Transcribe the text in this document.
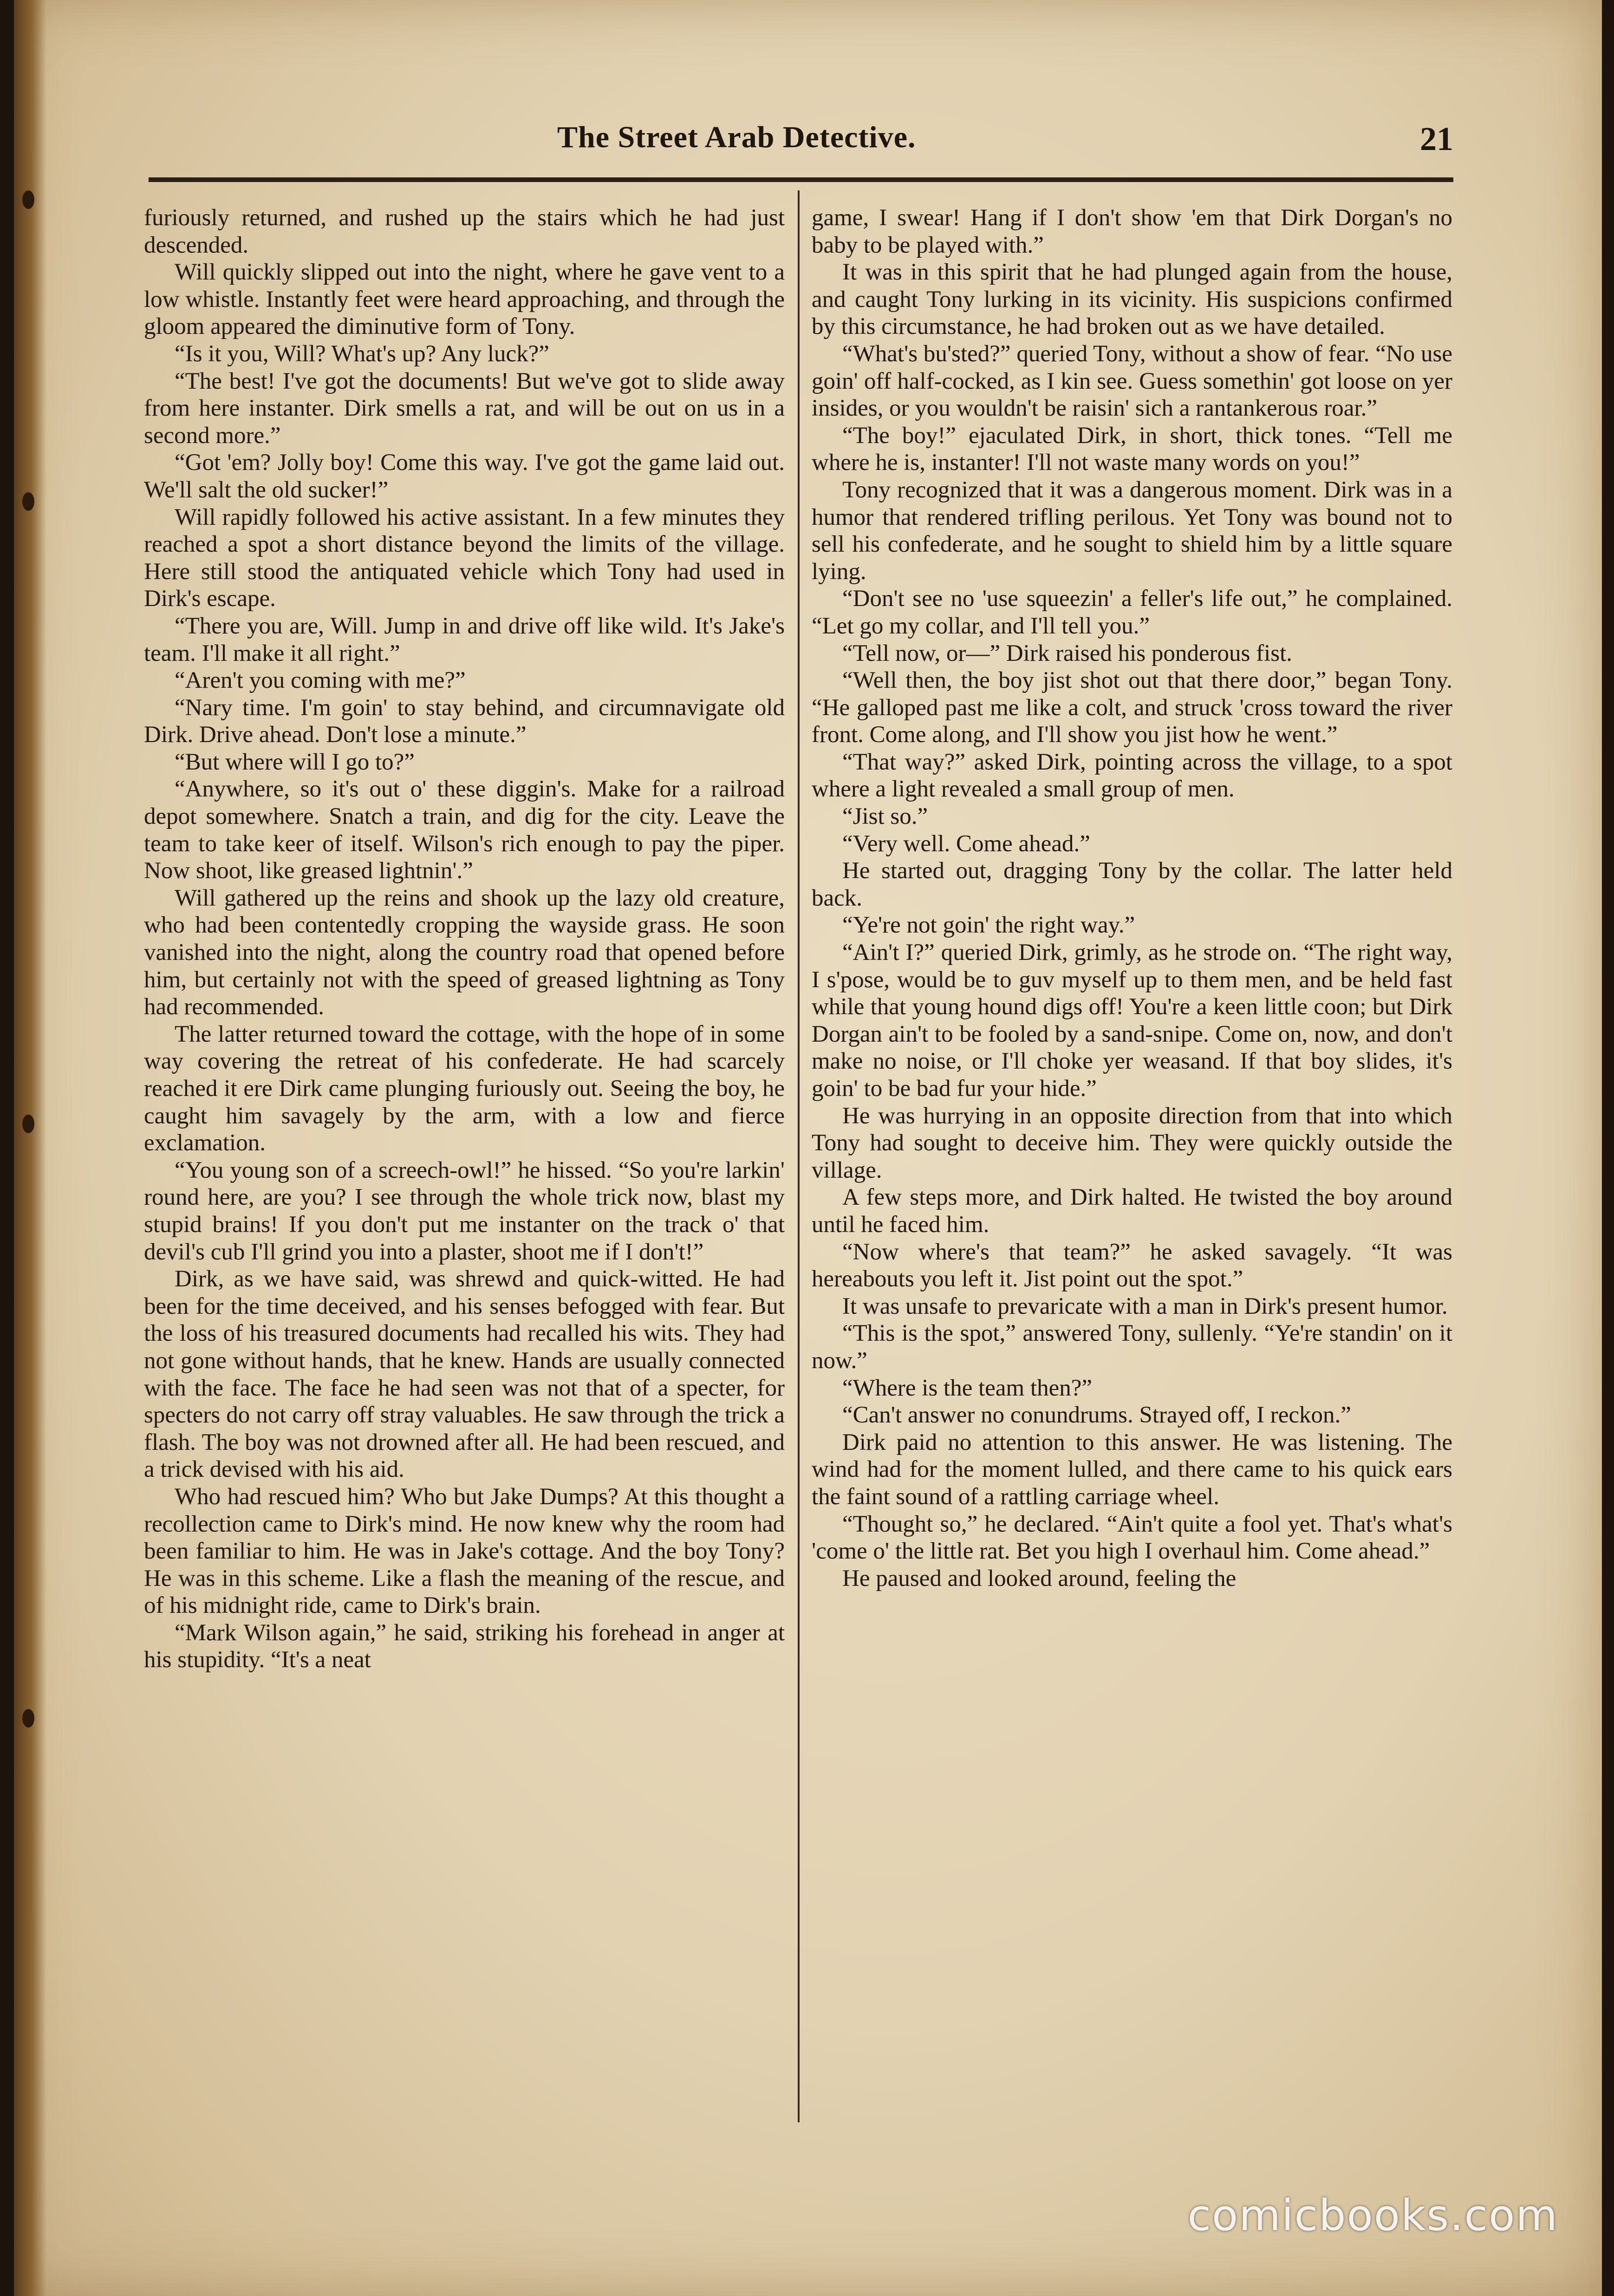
The Street Arab Detective.	21

furiously returned, and rushed up the stairs which he had just descended.

Will quickly slipped out into the night, where he gave vent to a low whistle. Instantly feet were heard approaching, and through the gloom appeared the diminutive form of Tony.

“Is it you, Will? What's up? Any luck?”

“The best! I've got the documents! But we've got to slide away from here instanter. Dirk smells a rat, and will be out on us in a second more.”

“Got 'em? Jolly boy! Come this way. I've got the game laid out. We'll salt the old sucker!”

Will rapidly followed his active assistant. In a few minutes they reached a spot a short distance beyond the limits of the village. Here still stood the antiquated vehicle which Tony had used in Dirk's escape.

“There you are, Will. Jump in and drive off like wild. It's Jake's team. I'll make it all right.”

“Aren't you coming with me?”

“Nary time. I'm goin' to stay behind, and circumnavigate old Dirk. Drive ahead. Don't lose a minute.”

“But where will I go to?”

“Anywhere, so it's out o' these diggin's. Make for a railroad depot somewhere. Snatch a train, and dig for the city. Leave the team to take keer of itself. Wilson's rich enough to pay the piper. Now shoot, like greased lightnin'.”

Will gathered up the reins and shook up the lazy old creature, who had been contentedly cropping the wayside grass. He soon vanished into the night, along the country road that opened before him, but certainly not with the speed of greased lightning as Tony had recommended.

The latter returned toward the cottage, with the hope of in some way covering the retreat of his confederate. He had scarcely reached it ere Dirk came plunging furiously out. Seeing the boy, he caught him savagely by the arm, with a low and fierce exclamation.

“You young son of a screech-owl!” he hissed. “So you're larkin' round here, are you? I see through the whole trick now, blast my stupid brains! If you don't put me instanter on the track o' that devil's cub I'll grind you into a plaster, shoot me if I don't!”

Dirk, as we have said, was shrewd and quick-witted. He had been for the time deceived, and his senses befogged with fear. But the loss of his treasured documents had recalled his wits. They had not gone without hands, that he knew. Hands are usually connected with the face. The face he had seen was not that of a specter, for specters do not carry off stray valuables. He saw through the trick a flash. The boy was not drowned after all. He had been rescued, and a trick devised with his aid.

Who had rescued him? Who but Jake Dumps? At this thought a recollection came to Dirk's mind. He now knew why the room had been familiar to him. He was in Jake's cottage. And the boy Tony? He was in this scheme. Like a flash the meaning of the rescue, and of his midnight ride, came to Dirk's brain.

“Mark Wilson again,” he said, striking his forehead in anger at his stupidity. “It's a neat

game, I swear! Hang if I don't show 'em that Dirk Dorgan's no baby to be played with.”

It was in this spirit that he had plunged again from the house, and caught Tony lurking in its vicinity. His suspicions confirmed by this circumstance, he had broken out as we have detailed.

“What's bu'sted?” queried Tony, without a show of fear. “No use goin' off half-cocked, as I kin see. Guess somethin' got loose on yer insides, or you wouldn't be raisin' sich a rantankerous roar.”

“The boy!” ejaculated Dirk, in short, thick tones. “Tell me where he is, instanter! I'll not waste many words on you!”

Tony recognized that it was a dangerous moment. Dirk was in a humor that rendered trifling perilous. Yet Tony was bound not to sell his confederate, and he sought to shield him by a little square lying.

“Don't see no 'use squeezin' a feller's life out,” he complained. “Let go my collar, and I'll tell you.”

“Tell now, or—” Dirk raised his ponderous fist.

“Well then, the boy jist shot out that there door,” began Tony. “He galloped past me like a colt, and struck 'cross toward the river front. Come along, and I'll show you jist how he went.”

“That way?” asked Dirk, pointing across the village, to a spot where a light revealed a small group of men.

“Jist so.”

“Very well. Come ahead.”

He started out, dragging Tony by the collar. The latter held back.

“Ye're not goin' the right way.”

“Ain't I?” queried Dirk, grimly, as he strode on. “The right way, I s'pose, would be to guv myself up to them men, and be held fast while that young hound digs off! You're a keen little coon; but Dirk Dorgan ain't to be fooled by a sand-snipe. Come on, now, and don't make no noise, or I'll choke yer weasand. If that boy slides, it's goin' to be bad fur your hide.”

He was hurrying in an opposite direction from that into which Tony had sought to deceive him. They were quickly outside the village.

A few steps more, and Dirk halted. He twisted the boy around until he faced him.

“Now where's that team?” he asked savagely. “It was hereabouts you left it. Jist point out the spot.”

It was unsafe to prevaricate with a man in Dirk's present humor.

“This is the spot,” answered Tony, sullenly. “Ye're standin' on it now.”

“Where is the team then?”

“Can't answer no conundrums. Strayed off, I reckon.”

Dirk paid no attention to this answer. He was listening. The wind had for the moment lulled, and there came to his quick ears the faint sound of a rattling carriage wheel.

“Thought so,” he declared. “Ain't quite a fool yet. That's what's 'come o' the little rat. Bet you high I overhaul him. Come ahead.”

He paused and looked around, feeling the

comicbooks.com
